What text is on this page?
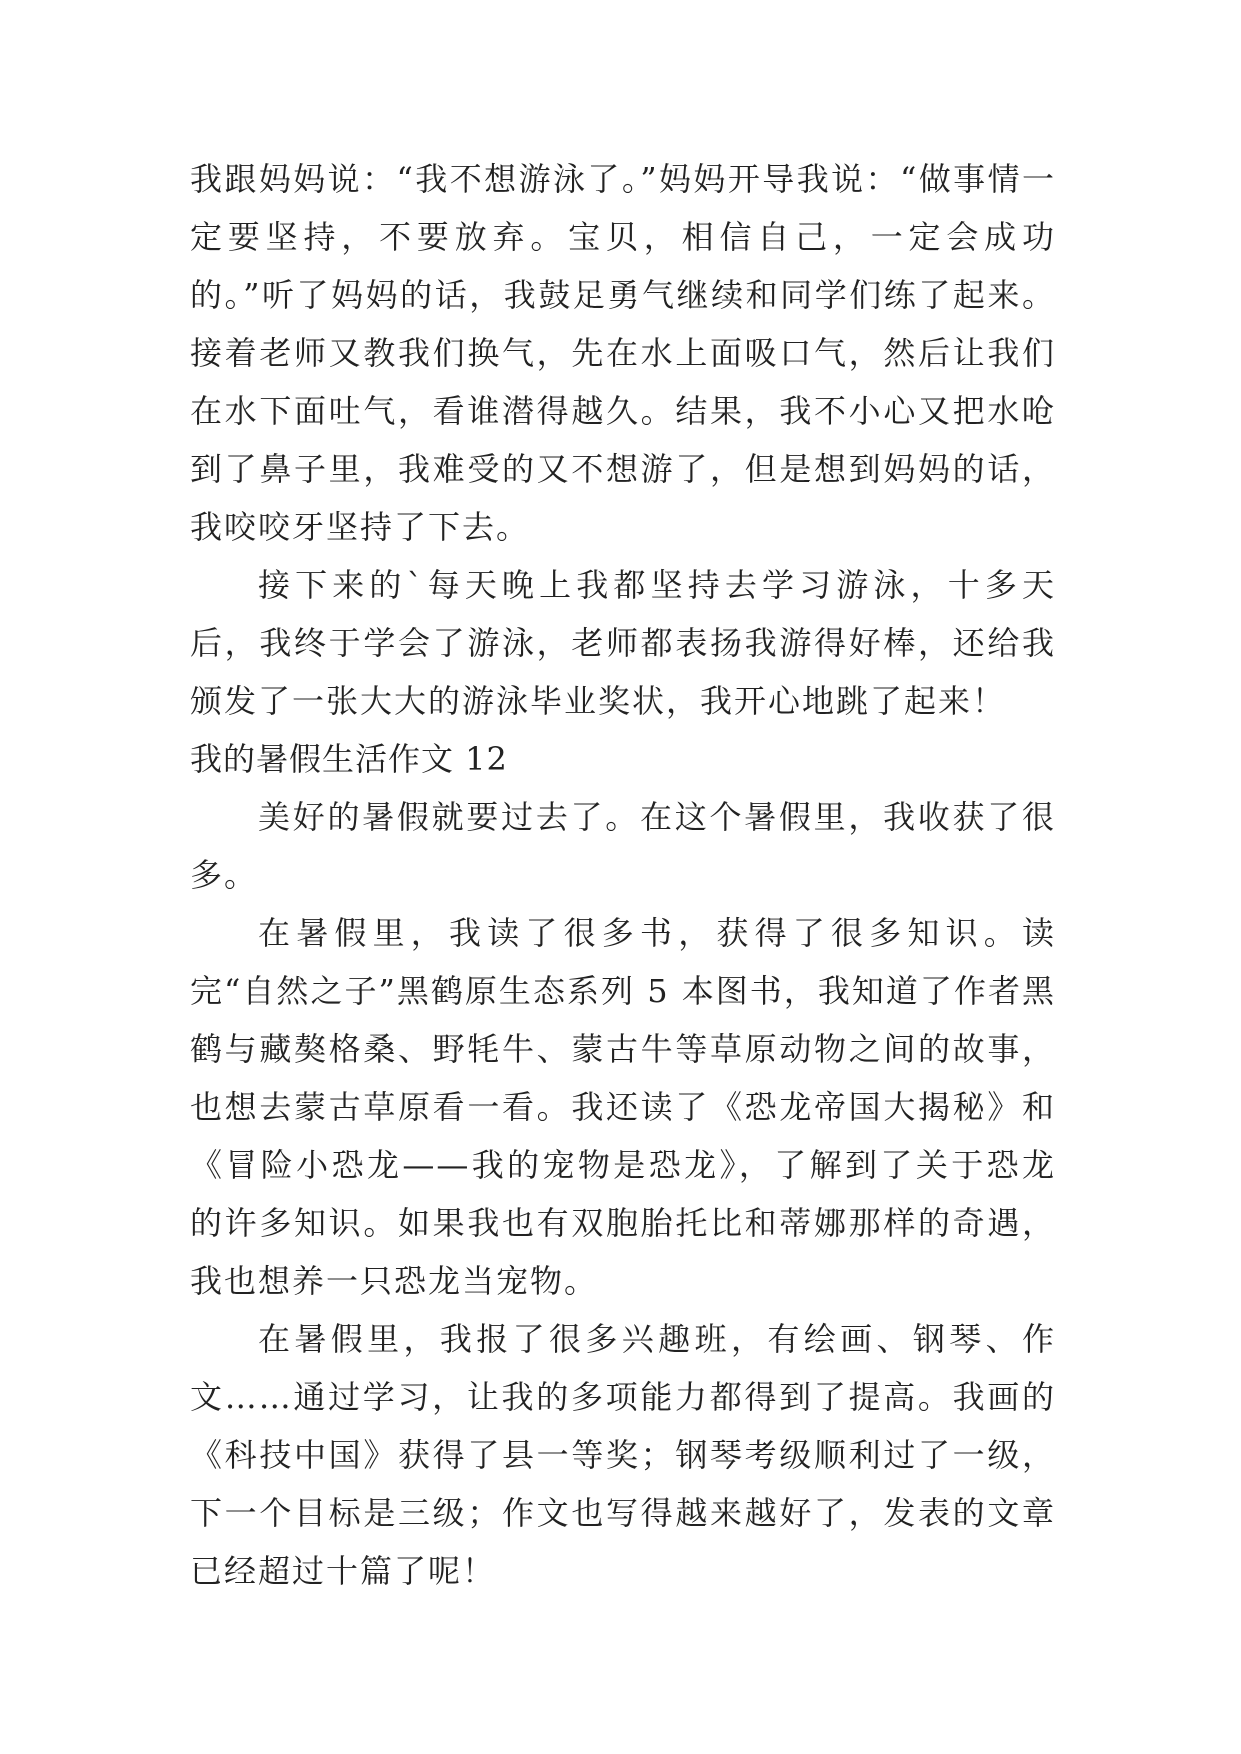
我跟妈妈说：“我不想游泳了。”妈妈开导我说：“做事情一定要坚持，不要放弃。宝贝，相信自己，一定会成功的。”听了妈妈的话，我鼓足勇气继续和同学们练了起来。接着老师又教我们换气，先在水上面吸口气，然后让我们在水下面吐气，看谁潜得越久。结果，我不小心又把水呛到了鼻子里，我难受的又不想游了，但是想到妈妈的话，我咬咬牙坚持了下去。

接下来的`每天晚上我都坚持去学习游泳，十多天后，我终于学会了游泳，老师都表扬我游得好棒，还给我颁发了一张大大的游泳毕业奖状，我开心地跳了起来！

我的暑假生活作文 12

美好的暑假就要过去了。在这个暑假里，我收获了很多。

在暑假里，我读了很多书，获得了很多知识。读完“自然之子”黑鹤原生态系列 5 本图书，我知道了作者黑鹤与藏獒格桑、野牦牛、蒙古牛等草原动物之间的故事，也想去蒙古草原看一看。我还读了《恐龙帝国大揭秘》和《冒险小恐龙——我的宠物是恐龙》，了解到了关于恐龙的许多知识。如果我也有双胞胎托比和蒂娜那样的奇遇，我也想养一只恐龙当宠物。

在暑假里，我报了很多兴趣班，有绘画、钢琴、作文……通过学习，让我的多项能力都得到了提高。我画的《科技中国》获得了县一等奖；钢琴考级顺利过了一级，下一个目标是三级；作文也写得越来越好了，发表的文章已经超过十篇了呢！
